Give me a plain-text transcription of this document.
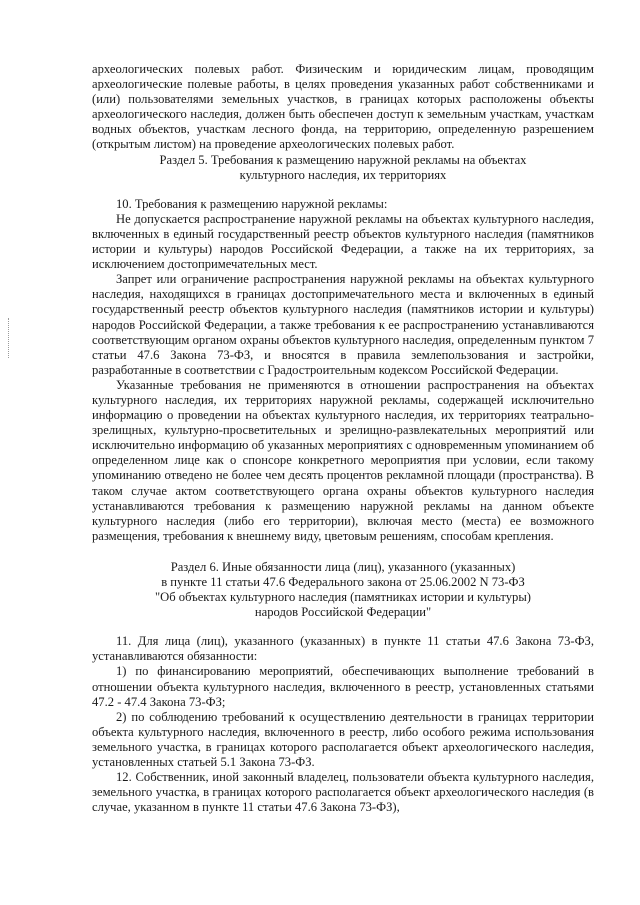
археологических полевых работ. Физическим и юридическим лицам, проводящим археологические полевые работы, в целях проведения указанных работ собственниками и (или) пользователями земельных участков, в границах которых расположены объекты археологического наследия, должен быть обеспечен доступ к земельным участкам, участкам водных объектов, участкам лесного фонда, на территорию, определенную разрешением (открытым листом) на проведение археологических полевых работ.

Раздел 5. Требования к размещению наружной рекламы на объектах

культурного наследия, их территориях

10. Требования к размещению наружной рекламы:

Не допускается распространение наружной рекламы на объектах культурного наследия, включенных в единый государственный реестр объектов культурного наследия (памятников истории и культуры) народов Российской Федерации, а также на их территориях, за исключением достопримечательных мест.

Запрет или ограничение распространения наружной рекламы на объектах культурного наследия, находящихся в границах достопримечательного места и включенных в единый государственный реестр объектов культурного наследия (памятников истории и культуры) народов Российской Федерации, а также требования к ее распространению устанавливаются соответствующим органом охраны объектов культурного наследия, определенным пунктом 7 статьи 47.6 Закона 73-ФЗ, и вносятся в правила землепользования и застройки, разработанные в соответствии с Градостроительным кодексом Российской Федерации.

Указанные требования не применяются в отношении распространения на объектах культурного наследия, их территориях наружной рекламы, содержащей исключительно информацию о проведении на объектах культурного наследия, их территориях театрально-зрелищных, культурно-просветительных и зрелищно-развлекательных мероприятий или исключительно информацию об указанных мероприятиях с одновременным упоминанием об определенном лице как о спонсоре конкретного мероприятия при условии, если такому упоминанию отведено не более чем десять процентов рекламной площади (пространства). В таком случае актом соответствующего органа охраны объектов культурного наследия устанавливаются требования к размещению наружной рекламы на данном объекте культурного наследия (либо его территории), включая место (места) ее возможного размещения, требования к внешнему виду, цветовым решениям, способам крепления.

Раздел 6. Иные обязанности лица (лиц), указанного (указанных)

в пункте 11 статьи 47.6 Федерального закона от 25.06.2002 N 73-ФЗ

"Об объектах культурного наследия (памятниках истории и культуры)

народов Российской Федерации"

11. Для лица (лиц), указанного (указанных) в пункте 11 статьи 47.6 Закона 73-ФЗ, устанавливаются обязанности:

1) по финансированию мероприятий, обеспечивающих выполнение требований в отношении объекта культурного наследия, включенного в реестр, установленных статьями 47.2 - 47.4 Закона 73-ФЗ;

2) по соблюдению требований к осуществлению деятельности в границах территории объекта культурного наследия, включенного в реестр, либо особого режима использования земельного участка, в границах которого располагается объект археологического наследия, установленных статьей 5.1 Закона 73-ФЗ.

12. Собственник, иной законный владелец, пользователи объекта культурного наследия, земельного участка, в границах которого располагается объект археологического наследия (в случае, указанном в пункте 11 статьи 47.6 Закона 73-ФЗ),
